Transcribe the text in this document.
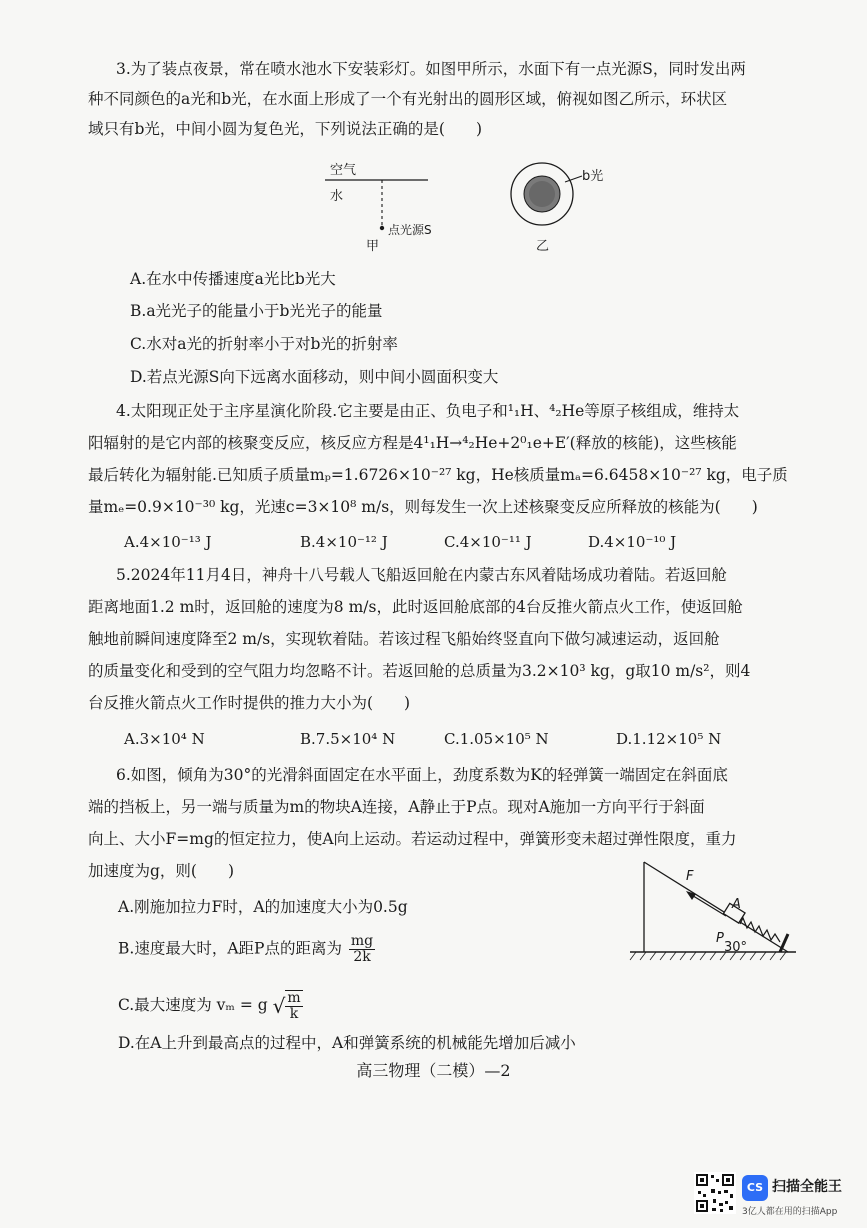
3.为了装点夜景，常在喷水池水下安装彩灯。如图甲所示，水面下有一点光源S，同时发出两
种不同颜色的a光和b光，在水面上形成了一个有光射出的圆形区域，俯视如图乙所示，环状区
域只有b光，中间小圆为复色光，下列说法正确的是(　　)
空气
水
点光源S
甲
b光
乙
A.在水中传播速度a光比b光大
B.a光光子的能量小于b光光子的能量
C.水对a光的折射率小于对b光的折射率
D.若点光源S向下远离水面移动，则中间小圆面积变大
4.太阳现正处于主序星演化阶段.它主要是由正、负电子和¹₁H、⁴₂He等原子核组成，维持太
阳辐射的是它内部的核聚变反应，核反应方程是4¹₁H→⁴₂He+2⁰₁e+E′(释放的核能)，这些核能
最后转化为辐射能.已知质子质量mₚ=1.6726×10⁻²⁷ kg，He核质量mₐ=6.6458×10⁻²⁷ kg，电子质
量mₑ=0.9×10⁻³⁰ kg，光速c=3×10⁸ m/s，则每发生一次上述核聚变反应所释放的核能为(　　)
A.4×10⁻¹³ J	B.4×10⁻¹² J	C.4×10⁻¹¹ J	D.4×10⁻¹⁰ J
5.2024年11月4日，神舟十八号载人飞船返回舱在内蒙古东风着陆场成功着陆。若返回舱
距离地面1.2 m时，返回舱的速度为8 m/s，此时返回舱底部的4台反推火箭点火工作，使返回舱
触地前瞬间速度降至2 m/s，实现软着陆。若该过程飞船始终竖直向下做匀减速运动，返回舱
的质量变化和受到的空气阻力均忽略不计。若返回舱的总质量为3.2×10³ kg，g取10 m/s²，则4
台反推火箭点火工作时提供的推力大小为(　　)
A.3×10⁴ N	B.7.5×10⁴ N	C.1.05×10⁵ N	D.1.12×10⁵ N
6.如图，倾角为30°的光滑斜面固定在水平面上，劲度系数为K的轻弹簧一端固定在斜面底
端的挡板上，另一端与质量为m的物块A连接，A静止于P点。现对A施加一方向平行于斜面
向上、大小F=mg的恒定拉力，使A向上运动。若运动过程中，弹簧形变未超过弹性限度，重力
加速度为g，则(　　)
A.刚施加拉力F时，A的加速度大小为0.5g
B.速度最大时，A距P点的距离为 $\frac{mg}{2k}$
C.最大速度为 vₘ = g √ $\frac{m}{k}$
D.在A上升到最高点的过程中，A和弹簧系统的机械能先增加后减小
F
A
P
30°
高三物理（二模）—2
CS 扫描全能王
3亿人都在用的扫描App
